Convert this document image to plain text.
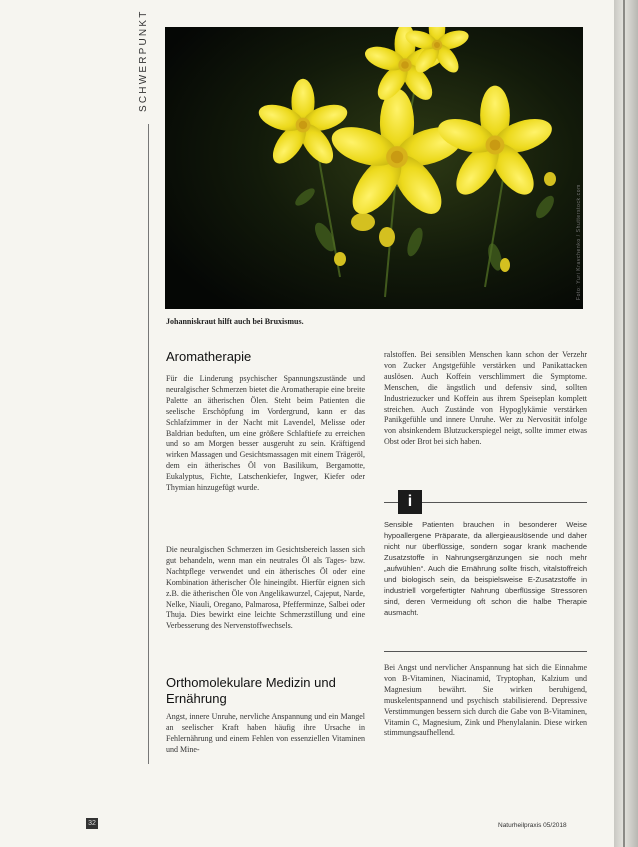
SCHWERPUNKT
Foto: Yuri Kravchenko / Shutterstock.com
Johanniskraut hilft auch bei Bruxismus.
Aromatherapie

Für die Linderung psychischer Spannungszustände und neuralgischer Schmerzen bietet die Aromatherapie eine breite Palette an ätherischen Ölen. Steht beim Patienten die seelische Erschöpfung im Vordergrund, kann er das Schlafzimmer in der Nacht mit Lavendel, Melisse oder Baldrian beduften, um eine größere Schlaftiefe zu erreichen und so am Morgen besser ausgeruht zu sein. Kräftigend wirken Massagen und Gesichtsmassagen mit einem Trägeröl, dem ein ätherisches Öl von Basilikum, Bergamotte, Eukalyptus, Fichte, Latschenkiefer, Ingwer, Kiefer oder Thymian hinzugefügt wurde.

Die neuralgischen Schmerzen im Gesichtsbereich lassen sich gut behandeln, wenn man ein neutrales Öl als Tages- bzw. Nachtpflege verwendet und ein ätherisches Öl oder eine Kombination ätherischer Öle hineingibt. Hierfür eignen sich z.B. die ätherischen Öle von Angelikawurzel, Cajeput, Narde, Nelke, Niauli, Oregano, Palmarosa, Pfefferminze, Salbei oder Thuja. Dies bewirkt eine leichte Schmerzstillung und eine Verbesserung des Nervenstoffwechsels.

Orthomolekulare Medizin und
Ernährung

Angst, innere Unruhe, nervliche Anspannung und ein Mangel an seelischer Kraft haben häufig ihre Ursache in Fehlernährung und einem Fehlen von essenziellen Vitaminen und Mine-

ralstoffen. Bei sensiblen Menschen kann schon der Verzehr von Zucker Angstgefühle verstärken und Panikattacken auslösen. Auch Koffein verschlimmert die Symptome. Menschen, die ängstlich und defensiv sind, sollten Industriezucker und Koffein aus ihrem Speiseplan komplett streichen. Auch Zustände von Hypoglykämie verstärken Panikgefühle und innere Unruhe. Wer zu Nervosität infolge von absinkendem Blutzuckerspiegel neigt, sollte immer etwas Obst oder Brot bei sich haben.

i

Sensible Patienten brauchen in besonderer Weise hypoallergene Präparate, da allergieauslösende und daher nicht nur überflüssige, sondern sogar krank machende Zusatzstoffe in Nahrungsergänzungen sie noch mehr „aufwühlen“. Auch die Ernährung sollte frisch, vitalstoffreich und biologisch sein, da beispielsweise E-Zusatzstoffe in industriell vorgefertigter Nahrung überflüssige Stressoren sind, deren Vermeidung oft schon die halbe Therapie ausmacht.

Bei Angst und nervlicher Anspannung hat sich die Einnahme von B-Vitaminen, Niacinamid, Tryptophan, Kalzium und Magnesium bewährt. Sie wirken beruhigend, muskelentspannend und psychisch stabilisierend. Depressive Verstimmungen bessern sich durch die Gabe von B-Vitaminen, Vitamin C, Magnesium, Zink und Phenylalanin. Diese wirken stimmungsaufhellend.

32	Naturheilpraxis 05/2018
